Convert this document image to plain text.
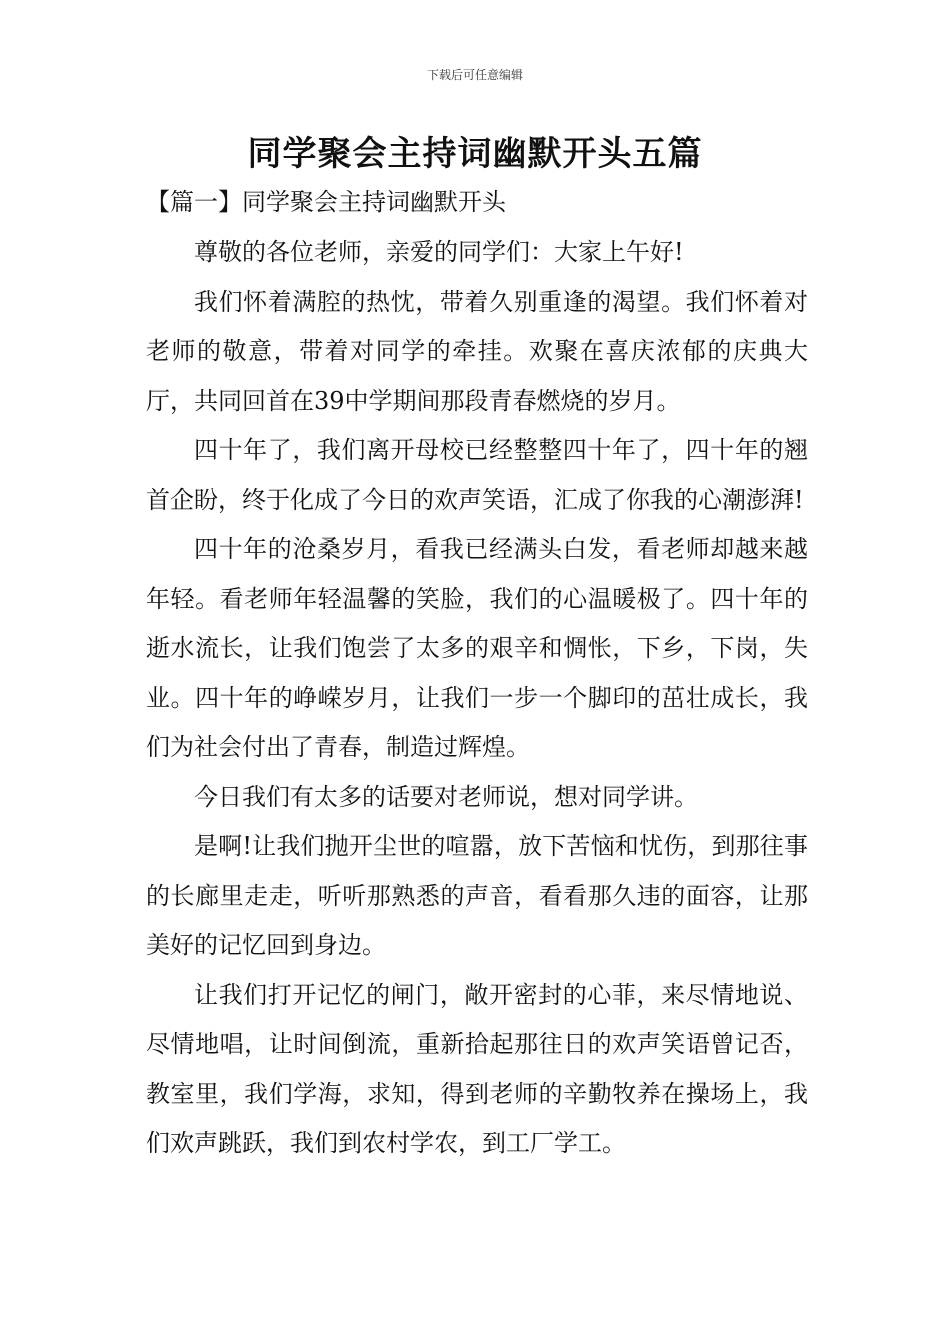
下载后可任意编辑
同学聚会主持词幽默开头五篇
【篇一】同学聚会主持词幽默开头

尊敬的各位老师，亲爱的同学们：大家上午好!

我们怀着满腔的热忱，带着久别重逢的渴望。我们怀着对老师的敬意，带着对同学的牵挂。欢聚在喜庆浓郁的庆典大厅，共同回首在39中学期间那段青春燃烧的岁月。

四十年了，我们离开母校已经整整四十年了，四十年的翘首企盼，终于化成了今日的欢声笑语，汇成了你我的心潮澎湃!

四十年的沧桑岁月，看我已经满头白发，看老师却越来越年轻。看老师年轻温馨的笑脸，我们的心温暖极了。四十年的逝水流长，让我们饱尝了太多的艰辛和惆怅，下乡，下岗，失业。四十年的峥嵘岁月，让我们一步一个脚印的茁壮成长，我们为社会付出了青春，制造过辉煌。

今日我们有太多的话要对老师说，想对同学讲。

是啊!让我们抛开尘世的喧嚣，放下苦恼和忧伤，到那往事的长廊里走走，听听那熟悉的声音，看看那久违的面容，让那美好的记忆回到身边。

让我们打开记忆的闸门，敞开密封的心菲，来尽情地说、尽情地唱，让时间倒流，重新拾起那往日的欢声笑语曾记否，教室里，我们学海，求知，得到老师的辛勤牧养在操场上，我们欢声跳跃，我们到农村学农，到工厂学工。
